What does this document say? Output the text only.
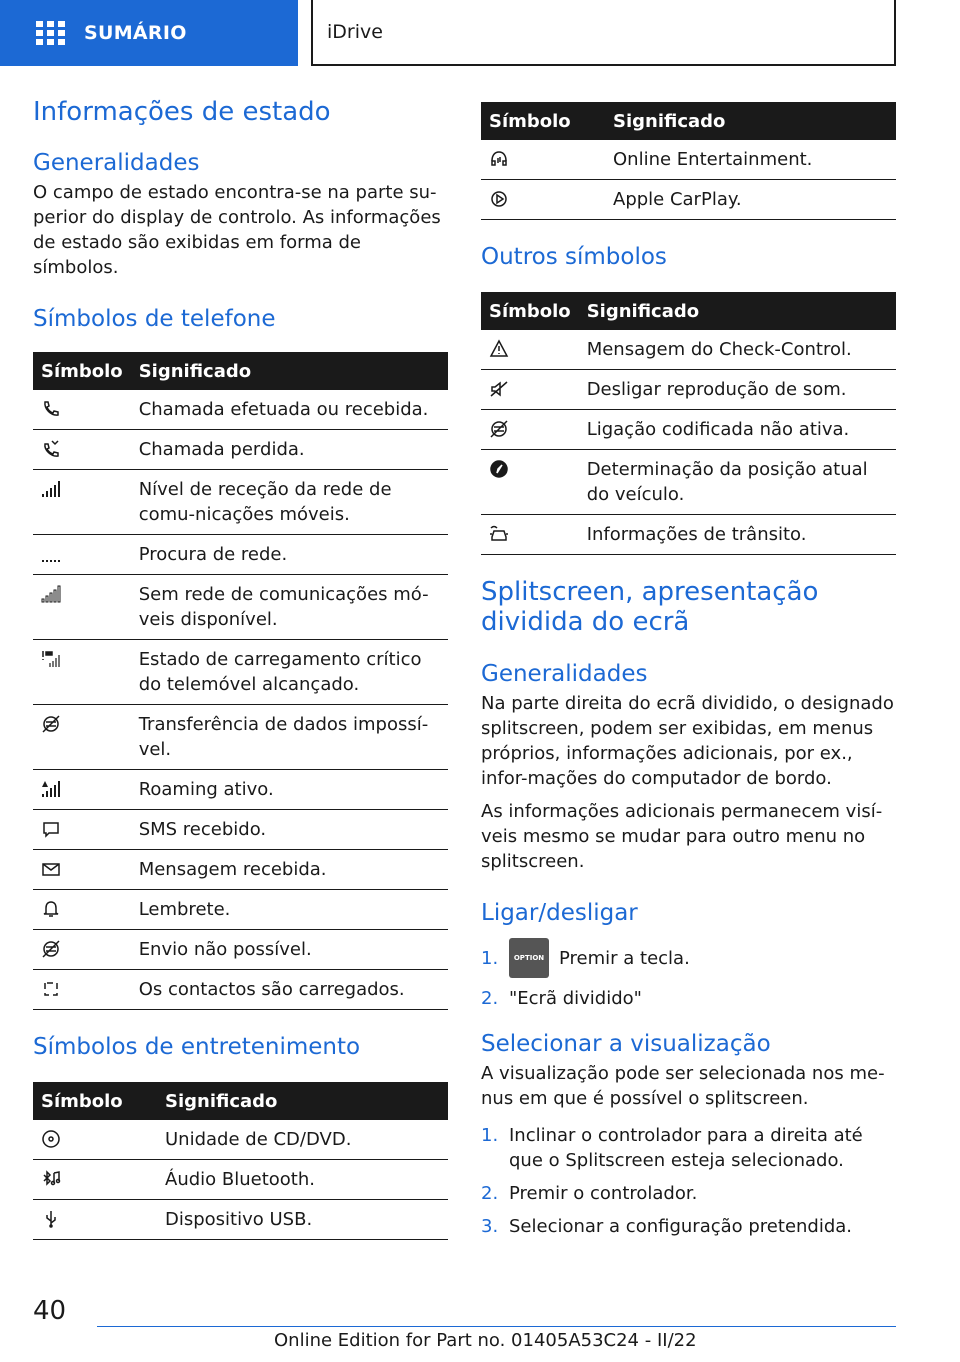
SUMÁRIO	iDrive
Informações de estado
Generalidades

O campo de estado encontra-se na parte su-perior do display de controlo. As informações de estado são exibidas em forma de símbolos.

Símbolos de telefone
Símbolo	Significado

	Chamada efetuada ou recebida.

	Chamada perdida.

	Nível de receção da rede de comu-nicações móveis.

	Procura de rede.

	Sem rede de comunicações mó-veis disponível.

	Estado de carregamento crítico do telemóvel alcançado.

	Transferência de dados impossí-vel.

	Roaming ativo.

	SMS recebido.

	Mensagem recebida.

	Lembrete.

	Envio não possível.

	Os contactos são carregados.
Símbolos de entretenimento
Símbolo	Significado

	Unidade de CD/DVD.

	Áudio Bluetooth.

	Dispositivo USB.
Símbolo	Significado

	Online Entertainment.

	Apple CarPlay.
Outros símbolos
Símbolo	Significado

	Mensagem do Check-Control.

	Desligar reprodução de som.

	Ligação codificada não ativa.

	Determinação da posição atual do veículo.

	Informações de trânsito.
Splitscreen, apresentação dividida do ecrã
Generalidades

Na parte direita do ecrã dividido, o designado splitscreen, podem ser exibidas, em menus próprios, informações adicionais, por ex., infor-mações do computador de bordo.

As informações adicionais permanecem visí-veis mesmo se mudar para outro menu no splitscreen.

Ligar/desligar
1.	OPTION Premir a tecla.
2. "Ecrã dividido"
Selecionar a visualização

A visualização pode ser selecionada nos me-nus em que é possível o splitscreen.

1. Inclinar o controlador para a direita até que o Splitscreen esteja selecionado.
2. Premir o controlador.
3. Selecionar a configuração pretendida.
40
Online Edition for Part no. 01405A53C24 - II/22
